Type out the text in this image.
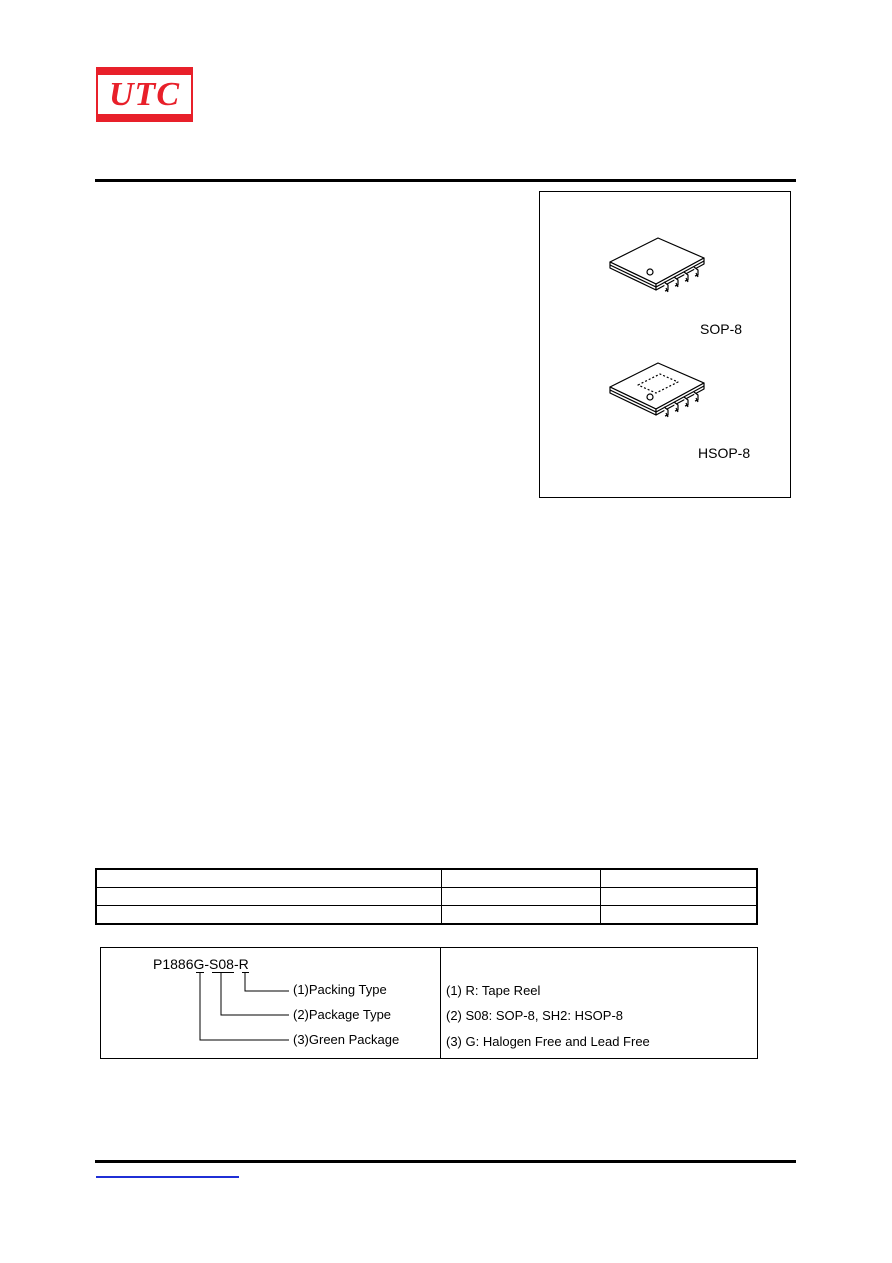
UTC
SOP-8
HSOP-8

P1886G-S08-R
(1)Packing Type
(2)Package Type
(3)Green Package
(1) R: Tape Reel
(2) S08: SOP-8, SH2: HSOP-8
(3) G: Halogen Free and Lead Free
